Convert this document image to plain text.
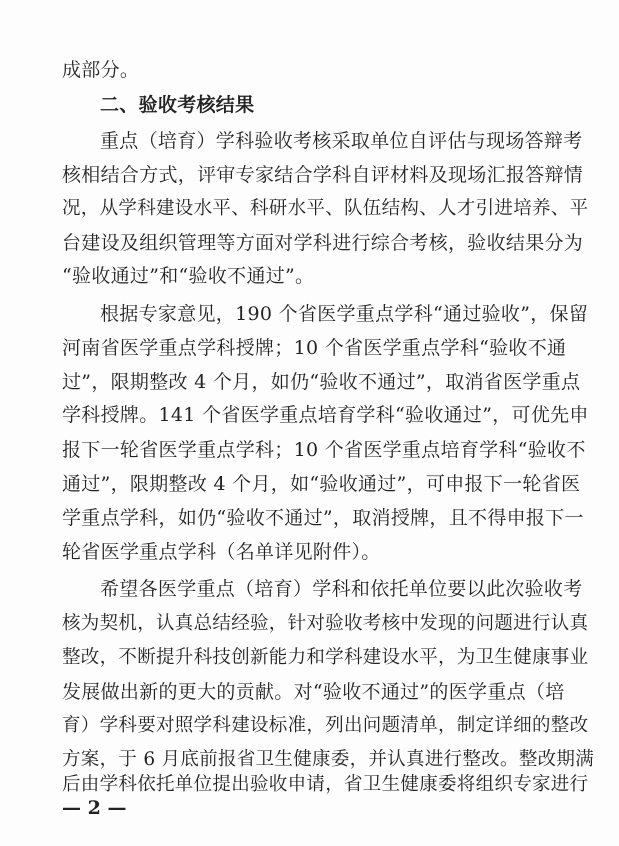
成部分。
二、验收考核结果
重点（培育）学科验收考核采取单位自评估与现场答辩考
核相结合方式，评审专家结合学科自评材料及现场汇报答辩情
况，从学科建设水平、科研水平、队伍结构、人才引进培养、平
台建设及组织管理等方面对学科进行综合考核，验收结果分为
“验收通过”和“验收不通过”。
根据专家意见，190 个省医学重点学科“通过验收”，保留
河南省医学重点学科授牌；10 个省医学重点学科“验收不通
过”，限期整改 4 个月，如仍“验收不通过”，取消省医学重点
学科授牌。141 个省医学重点培育学科“验收通过”，可优先申
报下一轮省医学重点学科；10 个省医学重点培育学科“验收不
通过”，限期整改 4 个月，如“验收通过”，可申报下一轮省医
学重点学科，如仍“验收不通过”，取消授牌，且不得申报下一
轮省医学重点学科（名单详见附件）。
希望各医学重点（培育）学科和依托单位要以此次验收考
核为契机，认真总结经验，针对验收考核中发现的问题进行认真
整改，不断提升科技创新能力和学科建设水平，为卫生健康事业
发展做出新的更大的贡献。对“验收不通过”的医学重点（培
育）学科要对照学科建设标准，列出问题清单，制定详细的整改
方案，于 6 月底前报省卫生健康委，并认真进行整改。整改期满
后由学科依托单位提出验收申请，省卫生健康委将组织专家进行
— 2 —
